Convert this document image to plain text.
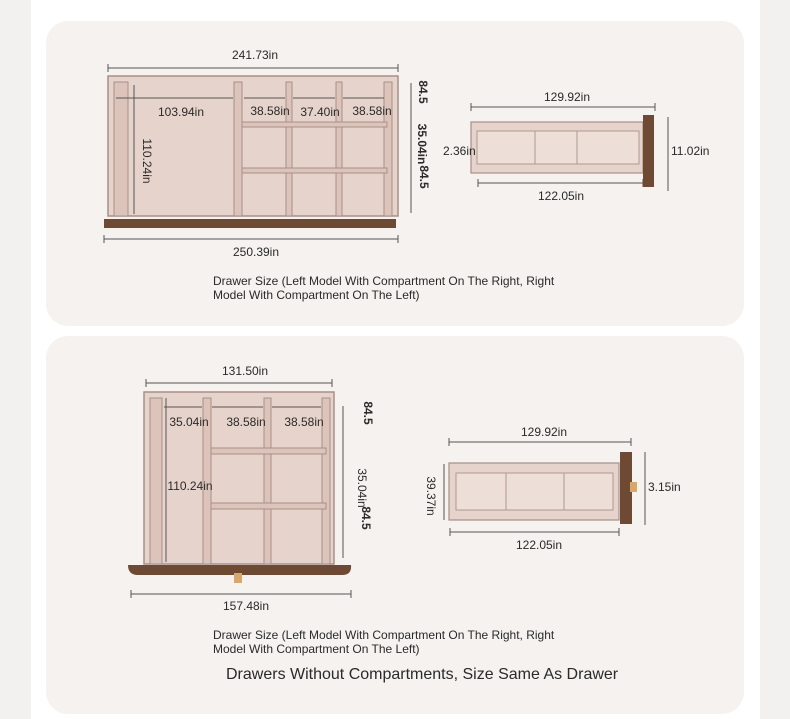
241.73in
103.94in	38.58in 37.40in 38.58in
110.24in	35.04in
84.5
84.5
250.39in
129.92in
122.05in
2.36in	11.02in
Drawer Size (Left Model With Compartment On The Right, Right
Model With Compartment On The Left)
131.50in
35.04in 38.58in 38.58in
110.24in	35.04in
84.5
84.5
157.48in
129.92in
122.05in
39.37in	3.15in
Drawer Size (Left Model With Compartment On The Right, Right
Model With Compartment On The Left)
Drawers Without Compartments, Size Same As Drawer
